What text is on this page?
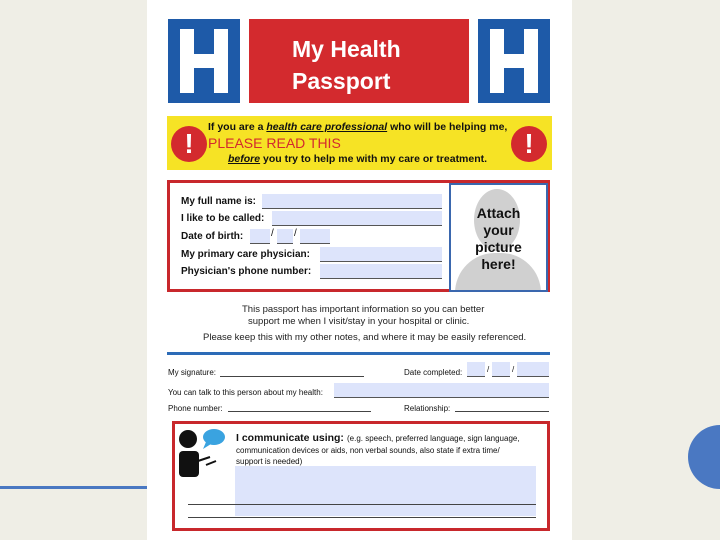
My Health
Passport
!	!
If you are a health care professional who will be helping me,
PLEASE READ THIS
before you try to help me with my care or treatment.
My full name is:
I like to be called:
Date of birth:	/ /
My primary care physician:
Physician's phone number:
Attach
your
picture
here!
This passport has important information so you can better
support me when I visit/stay in your hospital or clinic.
Please keep this with my other notes, and where it may be easily referenced.
My signature:	Date completed:	/	/
You can talk to this person about my health:
Phone number:	Relationship:
I communicate using: (e.g. speech, preferred language, sign language,
communication devices or aids, non verbal sounds, also state if extra time/
support is needed)
